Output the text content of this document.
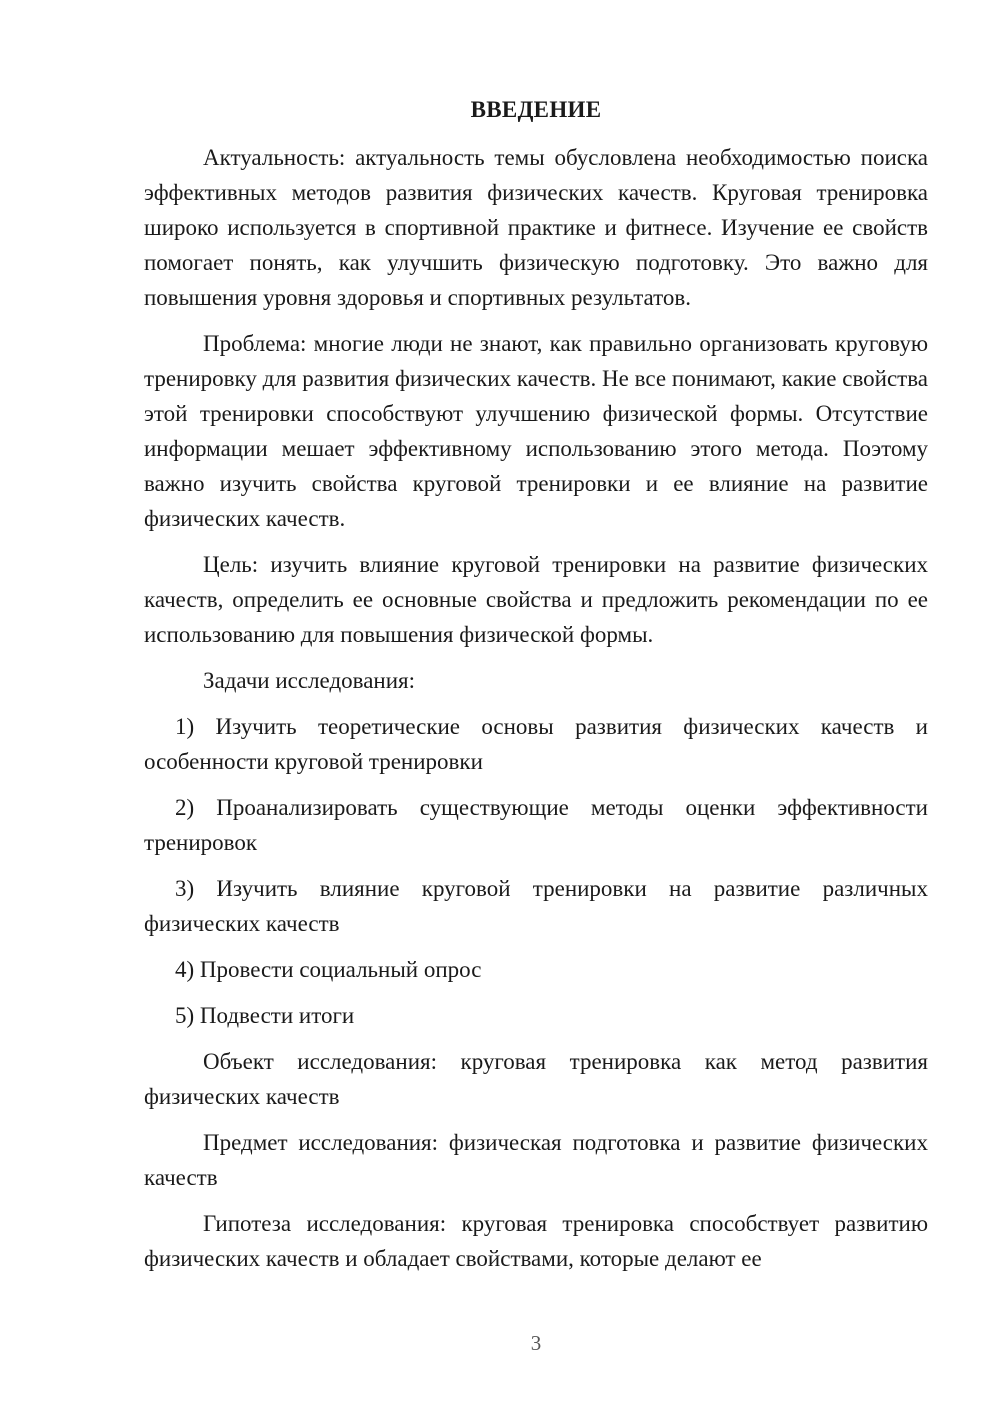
ВВЕДЕНИЕ

Актуальность: актуальность темы обусловлена необходимостью поиска эффективных методов развития физических качеств. Круговая тренировка широко используется в спортивной практике и фитнесе. Изучение ее свойств помогает понять, как улучшить физическую подготовку. Это важно для повышения уровня здоровья и спортивных результатов.

Проблема: многие люди не знают, как правильно организовать круговую тренировку для развития физических качеств. Не все понимают, какие свойства этой тренировки способствуют улучшению физической формы. Отсутствие информации мешает эффективному использованию этого метода. Поэтому важно изучить свойства круговой тренировки и ее влияние на развитие физических качеств.

Цель: изучить влияние круговой тренировки на развитие физических качеств, определить ее основные свойства и предложить рекомендации по ее использованию для повышения физической формы.

Задачи исследования:

1) Изучить теоретические основы развития физических качеств и особенности круговой тренировки

2) Проанализировать существующие методы оценки эффективности тренировок

3) Изучить влияние круговой тренировки на развитие различных физических качеств

4) Провести социальный опрос

5) Подвести итоги

Объект исследования: круговая тренировка как метод развития физических качеств

Предмет исследования: физическая подготовка и развитие физических качеств

Гипотеза исследования: круговая тренировка способствует развитию физических качеств и обладает свойствами, которые делают ее

3
